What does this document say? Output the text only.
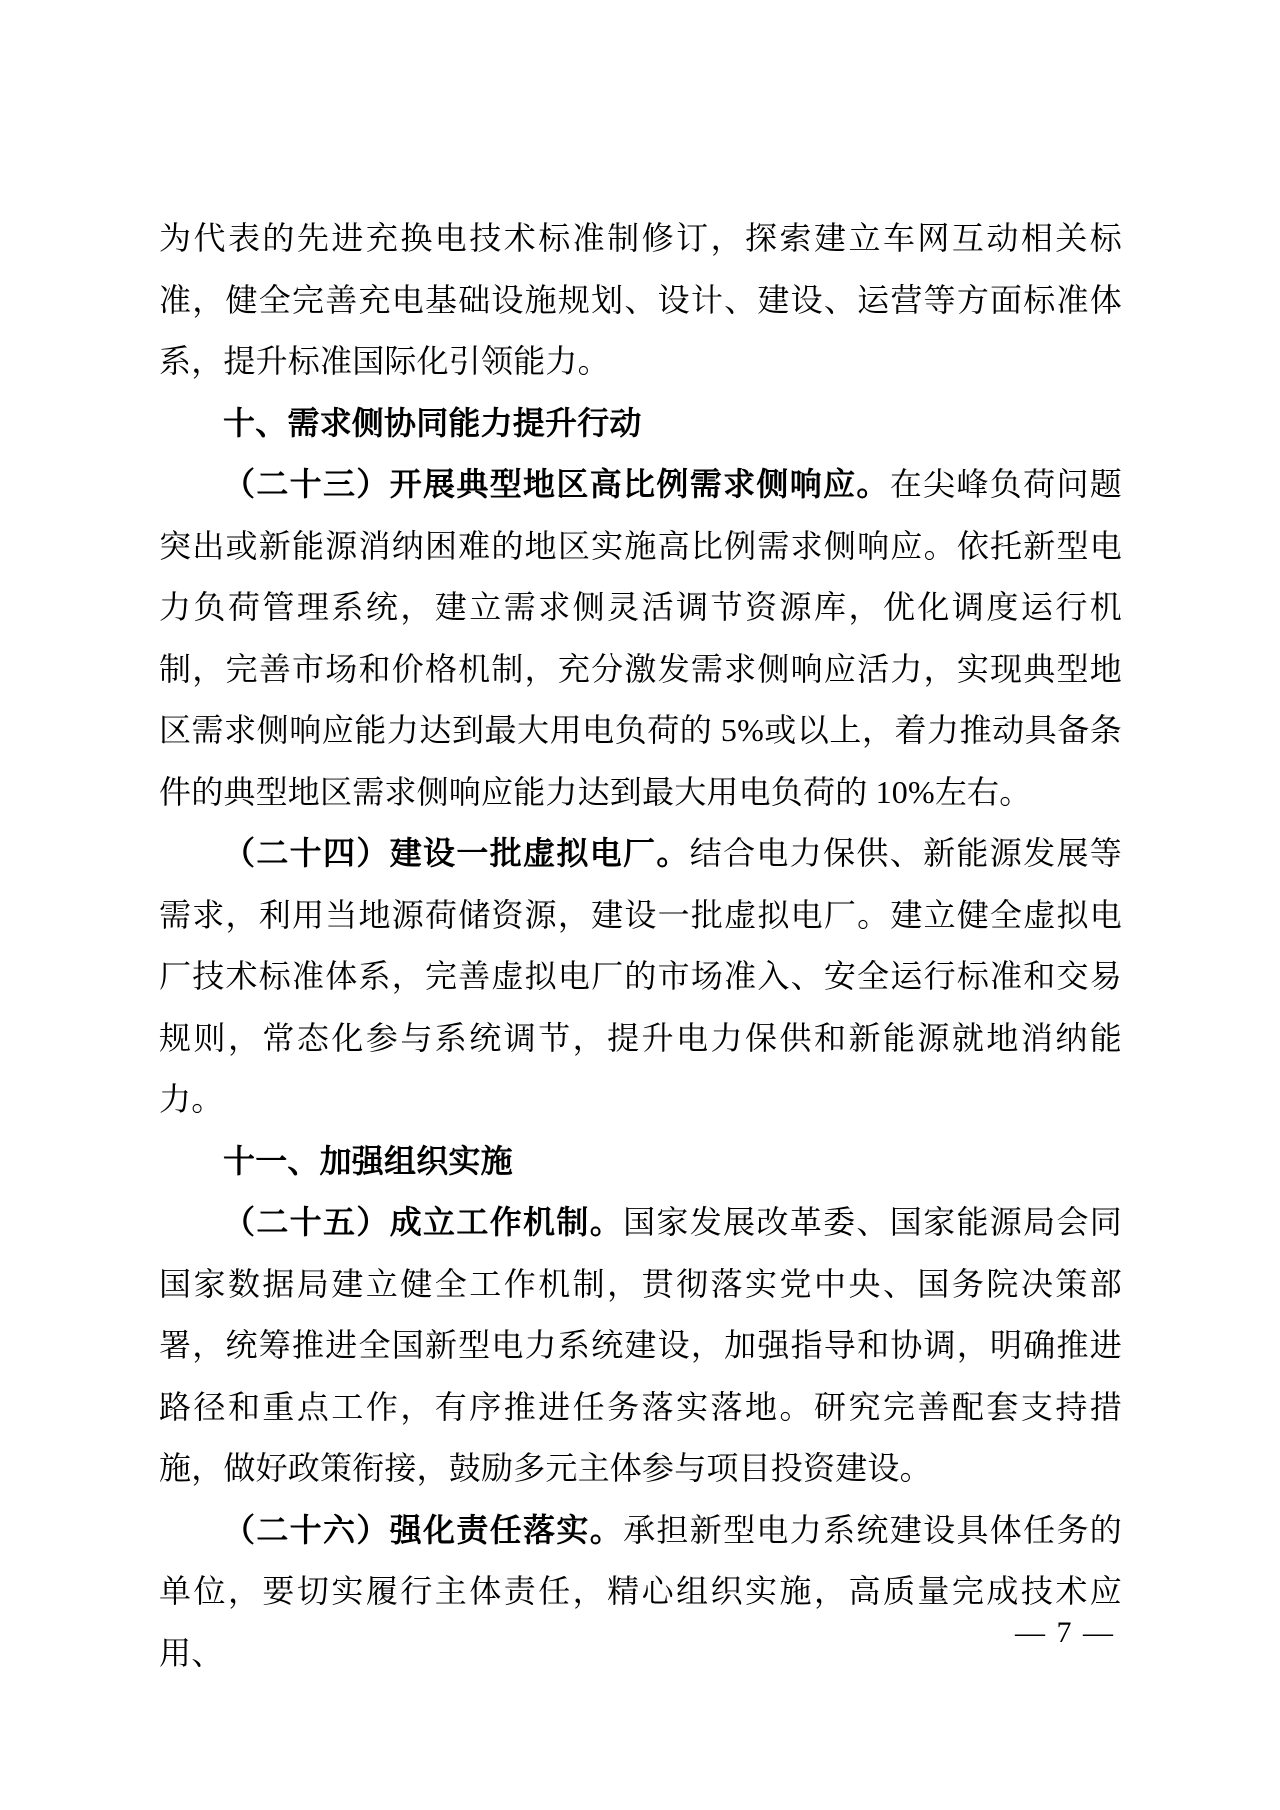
为代表的先进充换电技术标准制修订，探索建立车网互动相关标准，健全完善充电基础设施规划、设计、建设、运营等方面标准体系，提升标准国际化引领能力。

十、需求侧协同能力提升行动

（二十三）开展典型地区高比例需求侧响应。在尖峰负荷问题突出或新能源消纳困难的地区实施高比例需求侧响应。依托新型电力负荷管理系统，建立需求侧灵活调节资源库，优化调度运行机制，完善市场和价格机制，充分激发需求侧响应活力，实现典型地区需求侧响应能力达到最大用电负荷的 5%或以上，着力推动具备条件的典型地区需求侧响应能力达到最大用电负荷的 10%左右。

（二十四）建设一批虚拟电厂。结合电力保供、新能源发展等需求，利用当地源荷储资源，建设一批虚拟电厂。建立健全虚拟电厂技术标准体系，完善虚拟电厂的市场准入、安全运行标准和交易规则，常态化参与系统调节，提升电力保供和新能源就地消纳能力。

十一、加强组织实施

（二十五）成立工作机制。国家发展改革委、国家能源局会同国家数据局建立健全工作机制，贯彻落实党中央、国务院决策部署，统筹推进全国新型电力系统建设，加强指导和协调，明确推进路径和重点工作，有序推进任务落实落地。研究完善配套支持措施，做好政策衔接，鼓励多元主体参与项目投资建设。

（二十六）强化责任落实。承担新型电力系统建设具体任务的单位，要切实履行主体责任，精心组织实施，高质量完成技术应用、

— 7 —
